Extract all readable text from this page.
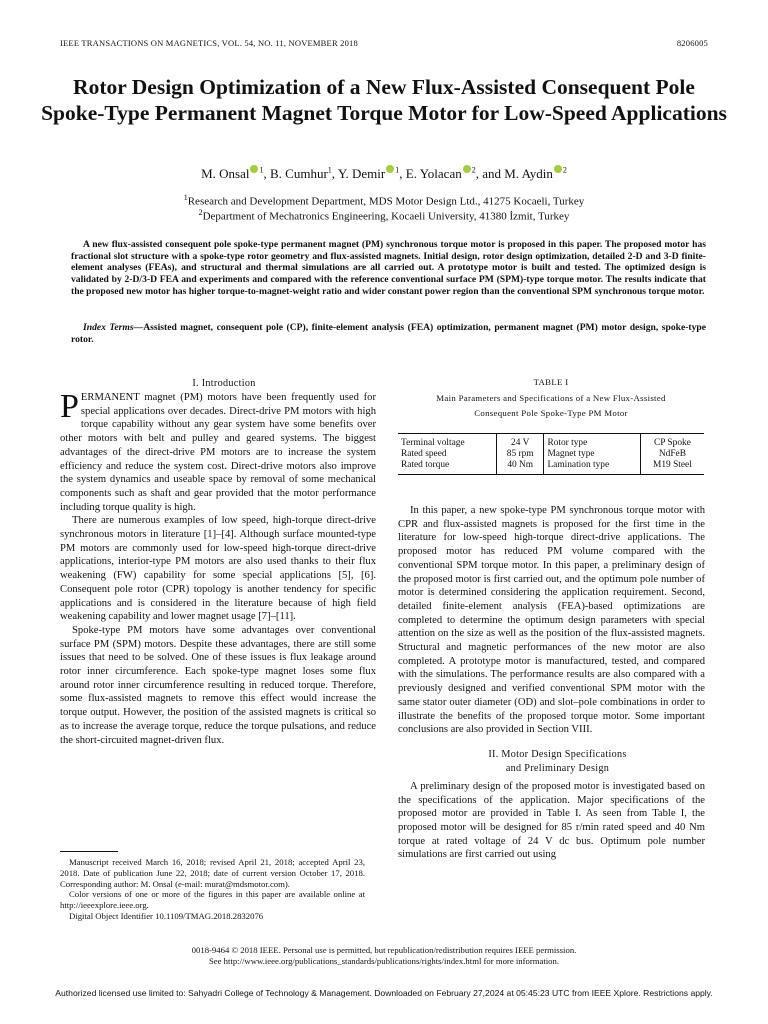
IEEE TRANSACTIONS ON MAGNETICS, VOL. 54, NO. 11, NOVEMBER 2018	8206005
Rotor Design Optimization of a New Flux-Assisted Consequent Pole Spoke-Type Permanent Magnet Torque Motor for Low-Speed Applications
M. Onsal $^1$, B. Cumhur$^1$, Y. Demir $^1$, E. Yolacan $^2$, and M. Aydin $^2$
$^1$Research and Development Department, MDS Motor Design Ltd., 41275 Kocaeli, Turkey
$^2$Department of Mechatronics Engineering, Kocaeli University, 41380 İzmit, Turkey

A new flux-assisted consequent pole spoke-type permanent magnet (PM) synchronous torque motor is proposed in this paper. The proposed motor has fractional slot structure with a spoke-type rotor geometry and flux-assisted magnets. Initial design, rotor design optimization, detailed 2-D and 3-D finite-element analyses (FEAs), and structural and thermal simulations are all carried out. A prototype motor is built and tested. The optimized design is validated by 2-D/3-D FEA and experiments and compared with the reference conventional surface PM (SPM)-type torque motor. The results indicate that the proposed new motor has higher torque-to-magnet-weight ratio and wider constant power region than the conventional SPM synchronous torque motor.

Index Terms—Assisted magnet, consequent pole (CP), finite-element analysis (FEA) optimization, permanent magnet (PM) motor design, spoke-type rotor.

I. Introduction

PERMANENT magnet (PM) motors have been frequently used for special applications over decades. Direct-drive PM motors with high torque capability without any gear system have some benefits over other motors with belt and pulley and geared systems. The biggest advantages of the direct-drive PM motors are to increase the system efficiency and reduce the system cost. Direct-drive motors also improve the system dynamics and useable space by removal of some mechanical components such as shaft and gear provided that the motor performance including torque quality is high.

There are numerous examples of low speed, high-torque direct-drive synchronous motors in literature [1]–[4]. Although surface mounted-type PM motors are commonly used for low-speed high-torque direct-drive applications, interior-type PM motors are also used thanks to their flux weakening (FW) capability for some special applications [5], [6]. Consequent pole rotor (CPR) topology is another tendency for specific applications and is considered in the literature because of high field weakening capability and lower magnet usage [7]–[11].

Spoke-type PM motors have some advantages over conventional surface PM (SPM) motors. Despite these advantages, there are still some issues that need to be solved. One of these issues is flux leakage around rotor inner circumference. Each spoke-type magnet loses some flux around rotor inner circumference resulting in reduced torque. Therefore, some flux-assisted magnets to remove this effect would increase the torque output. However, the position of the assisted magnets is critical so as to increase the average torque, reduce the torque pulsations, and reduce the short-circuited magnet-driven flux.

Manuscript received March 16, 2018; revised April 21, 2018; accepted April 23, 2018. Date of publication June 22, 2018; date of current version October 17, 2018. Corresponding author: M. Onsal (e-mail: murat@mdsmotor.com).

Color versions of one or more of the figures in this paper are available online at http://ieeexplore.ieee.org.

Digital Object Identifier 10.1109/TMAG.2018.2832076

TABLE I
Main Parameters and Specifications of a New Flux-Assisted
Consequent Pole Spoke-Type PM Motor
Terminal voltage	24 V	Rotor type	CP Spoke
Rated speed	85 rpm	Magnet type	NdFeB
Rated torque	40 Nm	Lamination type	M19 Steel

In this paper, a new spoke-type PM synchronous torque motor with CPR and flux-assisted magnets is proposed for the first time in the literature for low-speed high-torque direct-drive applications. The proposed motor has reduced PM volume compared with the conventional SPM torque motor. In this paper, a preliminary design of the proposed motor is first carried out, and the optimum pole number of motor is determined considering the application requirement. Second, detailed finite-element analysis (FEA)-based optimizations are completed to determine the optimum design parameters with special attention on the size as well as the position of the flux-assisted magnets. Structural and magnetic performances of the new motor are also completed. A prototype motor is manufactured, tested, and compared with the simulations. The performance results are also compared with a previously designed and verified conventional SPM motor with the same stator outer diameter (OD) and slot–pole combinations in order to illustrate the benefits of the proposed torque motor. Some important conclusions are also provided in Section VIII.

II. Motor Design Specifications

and Preliminary Design

A preliminary design of the proposed motor is investigated based on the specifications of the application. Major specifications of the proposed motor are provided in Table I. As seen from Table I, the proposed motor will be designed for 85 r/min rated speed and 40 Nm torque at rated voltage of 24 V dc bus. Optimum pole number simulations are first carried out using

0018-9464 © 2018 IEEE. Personal use is permitted, but republication/redistribution requires IEEE permission.
See http://www.ieee.org/publications_standards/publications/rights/index.html for more information.
Authorized licensed use limited to: Sahyadri College of Technology & Management. Downloaded on February 27,2024 at 05:45:23 UTC from IEEE Xplore. Restrictions apply.
